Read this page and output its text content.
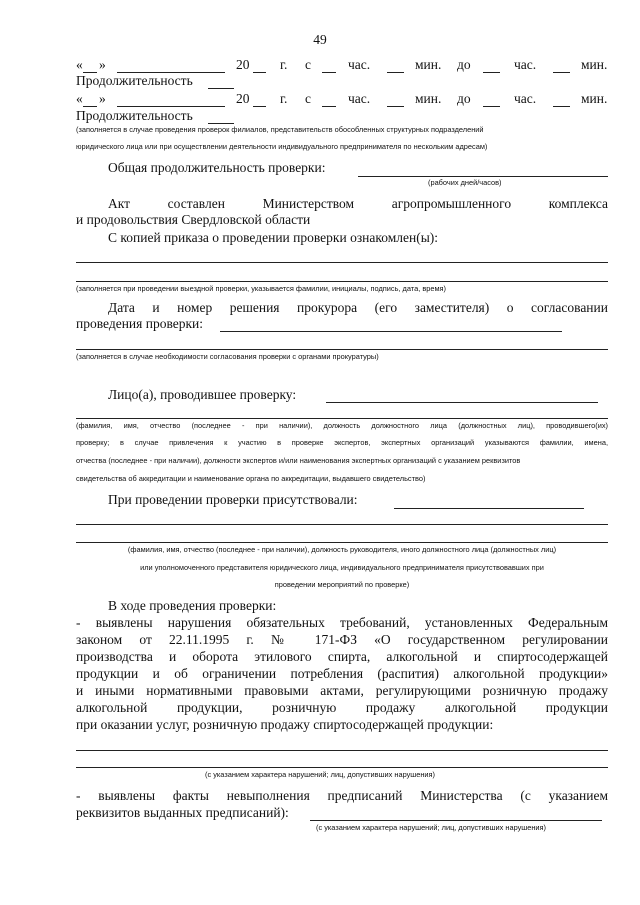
49
« »	20 г. с	час.	мин. до	час.	мин.
Продолжительность
« »	20 г. с	час.	мин. до	час.	мин.
Продолжительность
(заполняется в случае проведения проверок филиалов, представительств обособленных структурных подразделений
юридического лица или при осуществлении деятельности индивидуального предпринимателя по нескольким адресам)
Общая продолжительность проверки:
(рабочих дней/часов)
Акт	составлен	Министерством	агропромышленного	комплекса
и продовольствия Свердловской области
С копией приказа о проведении проверки ознакомлен(ы):
(заполняется при проведении выездной проверки, указывается фамилии, инициалы, подпись, дата, время)
Дата и номер решения прокурора (его заместителя) о согласовании
проведения проверки:
(заполняется в случае необходимости согласования проверки с органами прокуратуры)
Лицо(а), проводившее проверку:
(фамилия, имя, отчество (последнее - при наличии), должность должностного лица (должностных лиц), проводившего(их)
проверку; в случае привлечения к участию в проверке экспертов, экспертных организаций указываются фамилии, имена,
отчества (последнее - при наличии), должности экспертов и/или наименования экспертных организаций с указанием реквизитов
свидетельства об аккредитации и наименование органа по аккредитации, выдавшего свидетельство)
При проведении проверки присутствовали:
(фамилия, имя, отчество (последнее - при наличии), должность руководителя, иного должностного лица (должностных лиц)
или уполномоченного представителя юридического лица, индивидуального предпринимателя присутствовавших при
проведении мероприятий по проверке)
В ходе проведения проверки:
- выявлены нарушения обязательных требований, установленных Федеральным
законом от 22.11.1995 г. № 171-ФЗ «О государственном регулировании
производства и оборота этилового спирта, алкогольной и спиртосодержащей
продукции и об ограничении потребления (распития) алкогольной продукции»
и иными нормативными правовыми актами, регулирующими розничную продажу
алкогольной продукции, розничную продажу алкогольной продукции
при оказании услуг, розничную продажу спиртосодержащей продукции:
(с указанием характера нарушений; лиц, допустивших нарушения)
- выявлены факты невыполнения предписаний Министерства (с указанием
реквизитов выданных предписаний):
(с указанием характера нарушений; лиц, допустивших нарушения)
